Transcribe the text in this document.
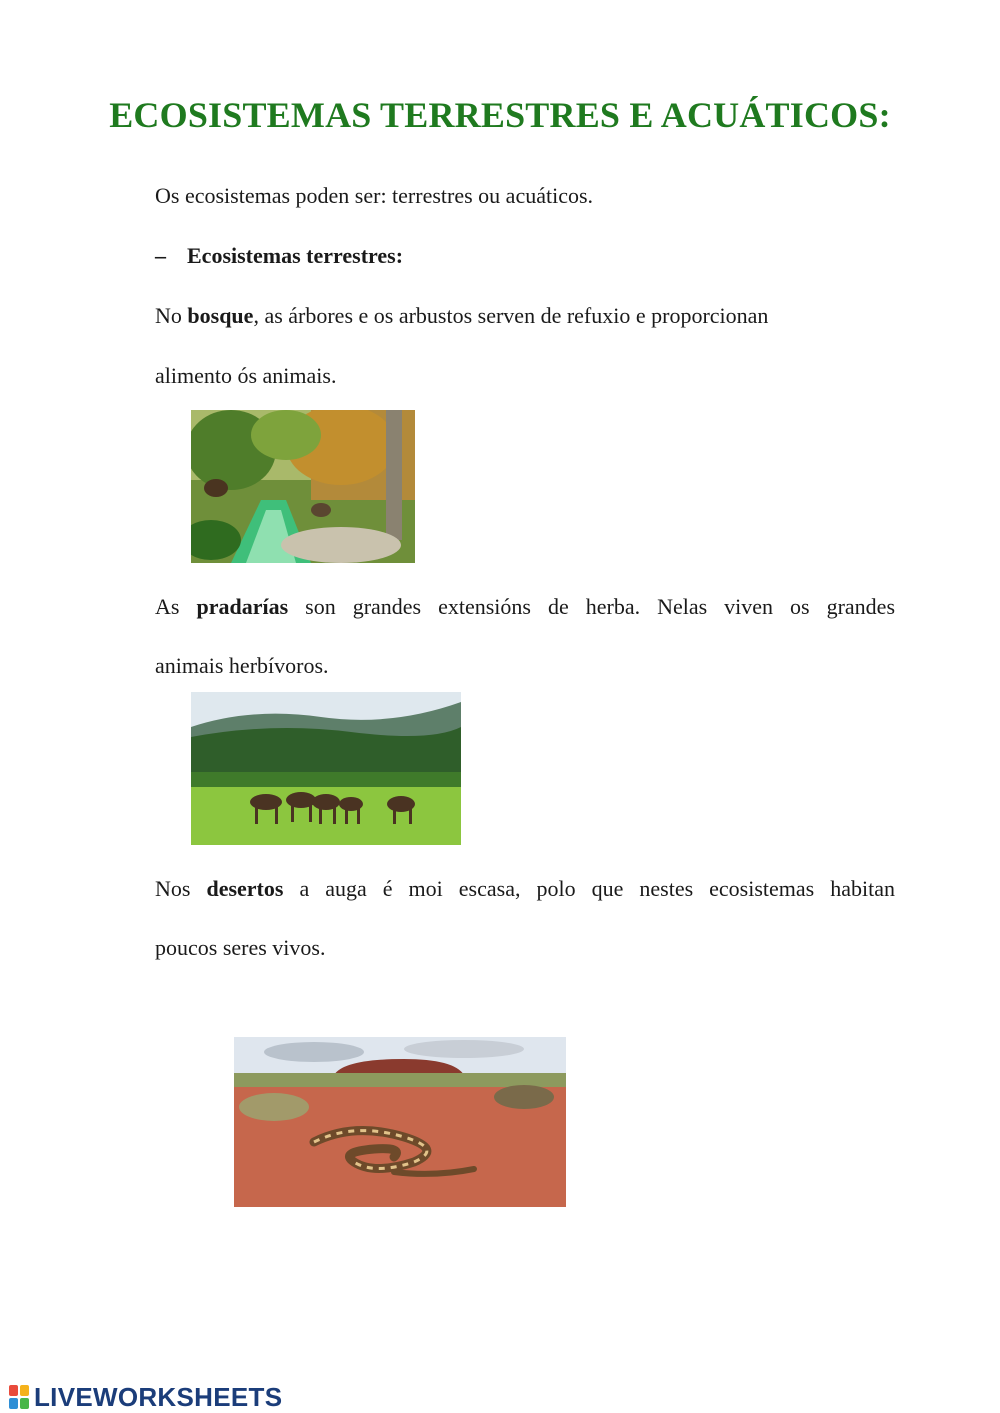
ECOSISTEMAS TERRESTRES E ACUÁTICOS:

Os ecosistemas poden ser: terrestres ou acuáticos.

– Ecosistemas terrestres:

No bosque, as árbores e os arbustos serven de refuxio e proporcionan

alimento ós animais.

As pradarías son grandes extensións de herba. Nelas viven os grandes

animais herbívoros.

Nos desertos a auga é moi escasa, polo que nestes ecosistemas habitan

poucos seres vivos.

LIVEWORKSHEETS
